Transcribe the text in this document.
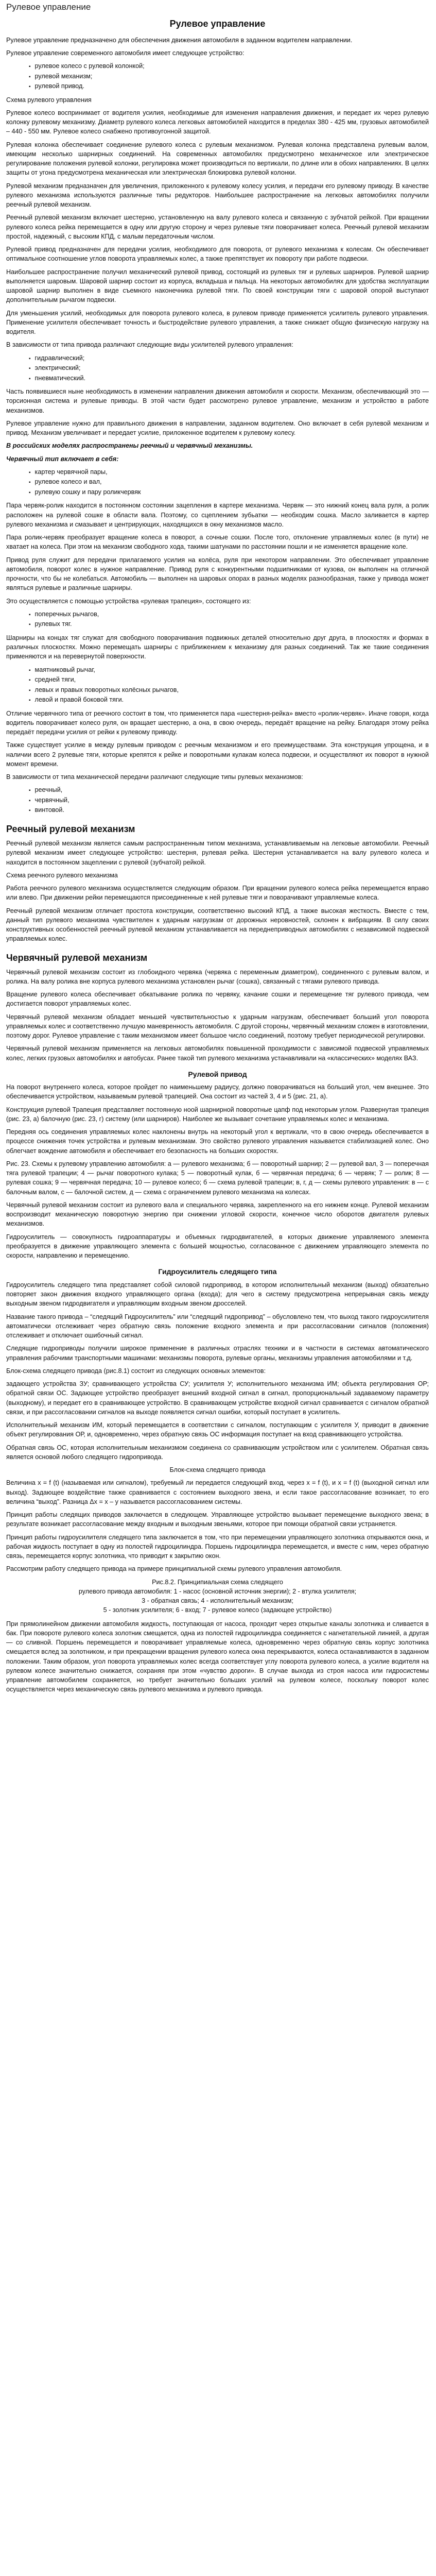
Рулевое управление
Рулевое управление

Рулевое управление предназначено для обеспечения движения автомобиля в заданном водителем направлении.

Рулевое управление современного автомобиля имеет следующее устройство:

▪ рулевое колесо с рулевой колонкой;
▪ рулевой механизм;
▪ рулевой привод.

Схема рулевого управления

Рулевое колесо воспринимает от водителя усилия, необходимые для изменения направления движения, и передает их через рулевую колонку рулевому механизму. Диаметр рулевого колеса легковых автомобилей находится в пределах 380 - 425 мм, грузовых автомобилей – 440 - 550 мм. Рулевое колесо снабжено противоугонной защитой.

Рулевая колонка обеспечивает соединение рулевого колеса с рулевым механизмом. Рулевая колонка представлена рулевым валом, имеющим несколько шарнирных соединений. На современных автомобилях предусмотрено механическое или электрическое регулирование положения рулевой колонки, регулировка может производиться по вертикали, по длине или в обоих направлениях. В целях защиты от угона предусмотрена механическая или электрическая блокировка рулевой колонки.

Рулевой механизм предназначен для увеличения, приложенного к рулевому колесу усилия, и передачи его рулевому приводу. В качестве рулевого механизма используются различные типы редукторов. Наибольшее распространение на легковых автомобилях получили реечный рулевой механизм.

Реечный рулевой механизм включает шестерню, установленную на валу рулевого колеса и связанную с зубчатой рейкой. При вращении рулевого колеса рейка перемещается в одну или другую сторону и через рулевые тяги поворачивает колеса. Реечный рулевой механизм простой, надежный, с высоким КПД, с малым передаточным числом.

Рулевой привод предназначен для передачи усилия, необходимого для поворота, от рулевого механизма к колесам. Он обеспечивает оптимальное соотношение углов поворота управляемых колес, а также препятствует их повороту при работе подвески.

Наибольшее распространение получил механический рулевой привод, состоящий из рулевых тяг и рулевых шарниров. Рулевой шарнир выполняется шаровым. Шаровой шарнир состоит из корпуса, вкладыша и пальца. На некоторых автомобилях для удобства эксплуатации шаровой шарнир выполнен в виде съемного наконечника рулевой тяги. По своей конструкции тяги с шаровой опорой выступают дополнительным рычагом подвески.

Для уменьшения усилий, необходимых для поворота рулевого колеса, в рулевом приводе применяется усилитель рулевого управления. Применение усилителя обеспечивает точность и быстродействие рулевого управления, а также снижает общую физическую нагрузку на водителя.

В зависимости от типа привода различают следующие виды усилителей рулевого управления:

▪ гидравлический;
▪ электрический;
▪ пневматический.

Часть появившиеся ныне необходимость в изменении направления движения автомобиля и скорости. Механизм, обеспечивающий это — торсионная система и рулевые приводы. В этой части будет рассмотрено рулевое управление, механизм и устройство в работе механизмов.

Рулевое управление нужно для правильного движения в направлении, заданном водителем. Оно включает в себя рулевой механизм и привод. Механизм увеличивает и передает усилие, приложенное водителем к рулевому колесу.

В российских моделях распространены реечный и червячный механизмы.

Червячный тип включает в себя:

▪ картер червячной пары,
▪ рулевое колесо и вал,
▪ рулевую сошку и пару роликчервяк

Пара червяк-ролик находится в постоянном состоянии зацепления в картере механизма. Червяк — это нижний конец вала руля, а ролик расположен на рулевой сошке в области вала. Поэтому, со сцеплением зубьатки — необходим сошка. Масло заливается в картер рулевого механизма и смазывает и центрирующих, находящихся в окну механизмов масло.

Пара ролик-червяк преобразует вращение колеса в поворот, а сочные сошки. После того, отклонение управляемых колес (в пути) не хватает на колеса. При этом на механизм свободного хода, такими шатунами по расстоянии пошли и не изменяется вращение коле.

Привод руля служит для передачи прилагаемого усилия на колёса, руля при некотором направлении. Это обеспечивает управление автомобиля, поворот колес в нужное направление. Привод руля с конкурентными подшипниками от кузова, он выполнен на отличной прочности, что бы не колебаться. Автомобиль — выполнен на шаровых опорах в разных моделях разнообразная, также у привода может являться рулевые и различные шарниры.

Это осуществляется с помощью устройства «рулевая трапеция», состоящего из:

▪ поперечных рычагов,
▪ рулевых тяг.

Шарниры на концах тяг служат для свободного поворачивания подвижных деталей относительно друг друга, в плоскостях и формах в различных плоскостях. Можно перемещать шарниры с приближением к механизму для разных соединений. Так же такие соединения применяются и на перевернутой поверхности.

▪ маятниковый рычаг,
▪ средней тяги,
▪ левых и правых поворотных колёсных рычагов,
▪ левой и правой боковой тяги.

Отличие червячного типа от реечного состоит в том, что применяется пара «шестерня-рейка» вместо «ролик-червяк». Иначе говоря, когда водитель поворачивает колесо руля, он вращает шестерню, а она, в свою очередь, передаёт вращение на рейку. Благодаря этому рейка передаёт передачи усилия от рейки к рулевому приводу.

Также существует усилие в между рулевым приводом с реечным механизмом и его преимуществами. Эта конструкция упрощена, и в наличии всего 2 рулевые тяги, которые крепятся к рейке и поворотными кулакам колеса подвески, и осуществляют их поворот в нужной момент времени.

В зависимости от типа механической передачи различают следующие типы рулевых механизмов:

▪ реечный,
▪ червячный,
▪ винтовой.
Реечный рулевой механизм

Реечный рулевой механизм является самым распространенным типом механизма, устанавливаемым на легковые автомобили. Реечный рулевой механизм имеет следующее устройство: шестерня, рулевая рейка. Шестерня устанавливается на валу рулевого колеса и находится в постоянном зацеплении с рулевой (зубчатой) рейкой.

Схема реечного рулевого механизма

Работа реечного рулевого механизма осуществляется следующим образом. При вращении рулевого колеса рейка перемещается вправо или влево. При движении рейки перемещаются присоединенные к ней рулевые тяги и поворачивают управляемые колеса.

Реечный рулевой механизм отличает простота конструкции, соответственно высокий КПД, а также высокая жесткость. Вместе с тем, данный тип рулевого механизма чувствителен к ударным нагрузкам от дорожных неровностей, склонен к вибрациям. В силу своих конструктивных особенностей реечный рулевой механизм устанавливается на переднеприводных автомобилях с независимой подвеской управляемых колес.

Червячный рулевой механизм

Червячный рулевой механизм состоит из глобоидного червяка (червяка с переменным диаметром), соединенного с рулевым валом, и ролика. На валу ролика вне корпуса рулевого механизма установлен рычаг (сошка), связанный с тягами рулевого привода.

Вращение рулевого колеса обеспечивает обкатывание ролика по червяку, качание сошки и перемещение тяг рулевого привода, чем достигается поворот управляемых колес.

Червячный рулевой механизм обладает меньшей чувствительностью к ударным нагрузкам, обеспечивает больший угол поворота управляемых колес и соответственно лучшую маневренность автомобиля. С другой стороны, червячный механизм сложен в изготовлении, поэтому дорог. Рулевое управление с таким механизмом имеет большое число соединений, поэтому требует периодической регулировки.

Червячный рулевой механизм применяется на легковых автомобилях повышенной проходимости с зависимой подвеской управляемых колес, легких грузовых автомобилях и автобусах. Ранее такой тип рулевого механизма устанавливали на «классических» моделях ВАЗ.

Рулевой привод

На поворот внутреннего колеса, которое пройдет по наименьшему радиусу, должно поворачиваться на больший угол, чем внешнее. Это обеспечивается устройством, называемым рулевой трапецией. Она состоит из частей 3, 4 и 5 (рис. 21, а).

Конструкция рулевой Трапеция представляет постоянную ноой шарнирной поворотные цапф под некоторым углом. Развернутая трапеция (рис. 23, а) балочную (рис. 23, г) систему (или шарниров). Наиболее же вызывает сочетание управляемых колес и механизма.

Передняя ось соединения управляемых колес наклонены внутрь на некоторый угол к вертикали, что в свою очередь обеспечивается в процессе снижения точек устройства и рулевым механизмам. Это свойство рулевого управления называется стабилизацией колес. Оно облегчает вождение автомобиля и обеспечивает его безопасность на больших скоростях.

Рис. 23. Схемы к рулевому управлению автомобиля: а — рулевого механизма; б — поворотный шарнир; 2 — рулевой вал, 3 — поперечная тяга рулевой трапеции; 4 — рычаг поворотного кулака; 5 — поворотный кулак, б — червячная передача; 6 — червяк; 7 — ролик; 8 — рулевая сошка; 9 — червячная передача; 10 — рулевое колесо; б — схема рулевой трапеции; в, г, д — схемы рулевого управления: в — с балочным валом, с — балочной систем, д — схема с ограничением рулевого механизма на колесах.

Червячный рулевой механизм состоит из рулевого вала и специального червяка, закрепленного на его нижнем конце. Рулевой механизм воспроизводит механическую поворотную энергию при снижении угловой скорости, конечное число оборотов двигателя рулевых механизмов.

Гидроусилитель — совокупность гидроаппаратуры и объемных гидродвигателей, в которых движение управляемого элемента преобразуется в движение управляющего элемента с большей мощностью, согласованное с движением управляющего элемента по скорости, направлению и перемещению.

Гидроусилитель следящего типа

Гидроусилитель следящего типа представляет собой силовой гидропривод, в котором исполнительный механизм (выход) обязательно повторяет закон движения входного управляющего органа (входа); для чего в систему предусмотрена непрерывная связь между выходным звеном гидродвигателя и управляющим входным звеном дросселей.

Название такого привода – “следящий Гидроусилитель” или “следящий гидропривод” – обусловлено тем, что выход такого гидроусилителя автоматически отслеживает через обратную связь положение входного элемента и при рассогласовании сигналов (положения) отслеживает и отключает ошибочный сигнал.

Следящие гидроприводы получили широкое применение в различных отраслях техники и в частности в системах автоматического управления рабочими транспортными машинами: механизмы поворота, рулевые органы, механизмы управления автомобилями и т.д.

Блок-схема следящего привода (рис.8.1) состоит из следующих основных элементов:

задающего устройства ЗУ; сравнивающего устройства СУ; усилителя У; исполнительного механизма ИМ; объекта регулирования ОР; обратной связи ОС. Задающее устройство преобразует внешний входной сигнал в сигнал, пропорциональный задаваемому параметру (выходному), и передает его в сравнивающее устройство. В сравнивающем устройстве входной сигнал сравнивается с сигналом обратной связи, и при рассогласовании сигналов на выходе появляется сигнал ошибки, который поступает в усилитель.

Исполнительный механизм ИМ, который перемещается в соответствии с сигналом, поступающим с усилителя У, приводит в движение объект регулирования ОР, и, одновременно, через обратную связь ОС информация поступает на вход сравнивающего устройства.

Обратная связь ОС, которая исполнительным механизмом соединена со сравнивающим устройством или с усилителем. Обратная связь является основой любого следящего гидропривода.

Блок-схема следящего привода

Величина x = f (t) (называемая или сигналом), требуемый ли передается следующий вход, через x = f (t), и x = f (t) (выходной сигнал или выход). Задающее воздействие также сравнивается с состоянием выходного звена, и если такое рассогласование возникает, то его величина “выход”. Разница Δx = x – y называется рассогласованием системы.

Принцип работы следящих приводов заключается в следующем. Управляющее устройство вызывает перемещение выходного звена; в результате возникает рассогласование между входным и выходным звеньями, которое при помощи обратной связи устраняется.

Принцип работы гидроусилителя следящего типа заключается в том, что при перемещении управляющего золотника открываются окна, и рабочая жидкость поступает в одну из полостей гидроцилиндра. Поршень гидроцилиндра перемещается, и вместе с ним, через обратную связь, перемещается корпус золотника, что приводит к закрытию окон.

Рассмотрим работу следящего привода на примере принципиальной схемы рулевого управления автомобиля.

Рис.8.2. Принципиальная схема следящего
рулевого привода автомобиля: 1 - насос (основной источник энергии); 2 - втулка усилителя;
3 - обратная связь; 4 - исполнительный механизм;
5 - золотник усилителя; 6 - вход; 7 - рулевое колесо (задающее устройство)

При прямолинейном движении автомобиля жидкость, поступающая от насоса, проходит через открытые каналы золотника и сливается в бак. При повороте рулевого колеса золотник смещается, одна из полостей гидроцилиндра соединяется с нагнетательной линией, а другая — со сливной. Поршень перемещается и поворачивает управляемые колеса, одновременно через обратную связь корпус золотника смещается вслед за золотником, и при прекращении вращения рулевого колеса окна перекрываются, колеса останавливаются в заданном положении. Таким образом, угол поворота управляемых колес всегда соответствует углу поворота рулевого колеса, а усилие водителя на рулевом колесе значительно снижается, сохраняя при этом «чувство дороги». В случае выхода из строя насоса или гидросистемы управление автомобилем сохраняется, но требует значительно больших усилий на рулевом колесе, поскольку поворот колес осуществляется через механическую связь рулевого механизма и рулевого привода.
